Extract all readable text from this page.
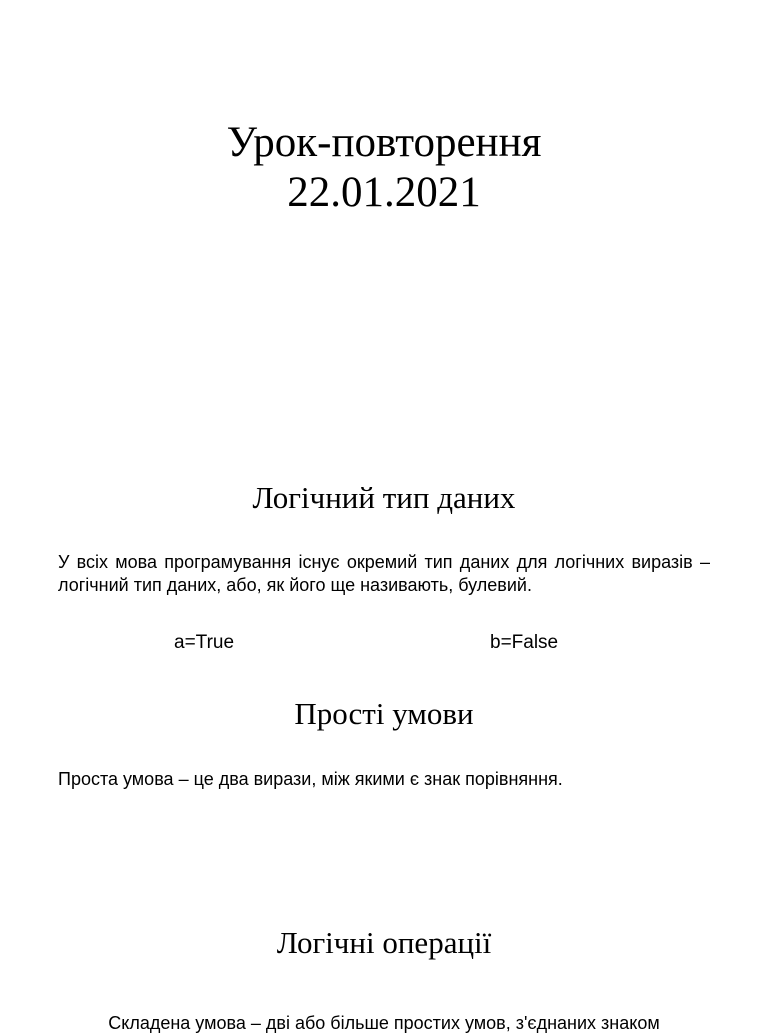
Урок-повторення
22.01.2021
Логічний тип даних

У всіх мова програмування існує окремий тип даних для логічних виразів – логічний тип даних, або, як його ще називають, булевий.

a=True	b=False
Прості умови

Проста умова – це два вирази, між якими є знак порівняння.

Логічні операції

Складена умова – дві або більше простих умов, з'єднаних знаком
